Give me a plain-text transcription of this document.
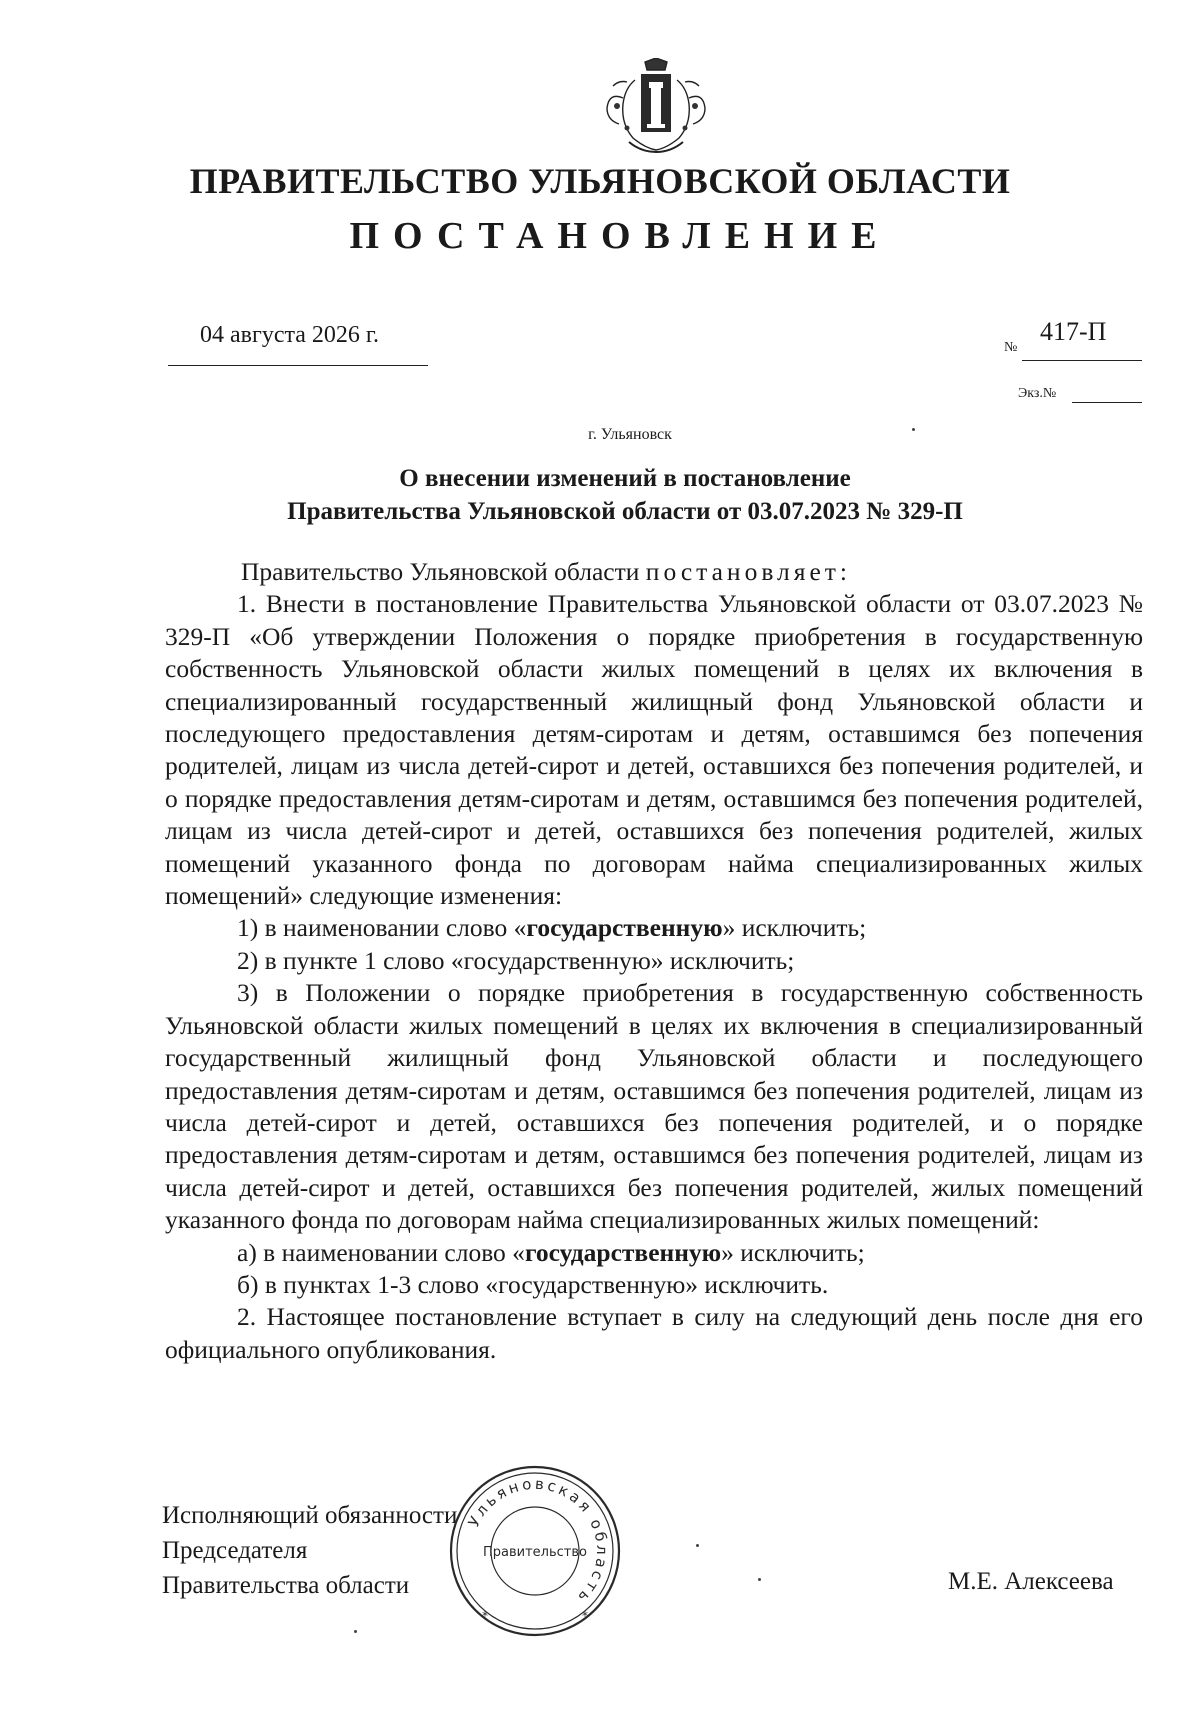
ПРАВИТЕЛЬСТВО УЛЬЯНОВСКОЙ ОБЛАСТИ
ПОСТАНОВЛЕНИЕ
04 августа 2026 г.	№
417-П
Экз.№
г. Ульяновск
О внесении изменений в постановление
Правительства Ульяновской области от 03.07.2023 № 329-П

Правительство Ульяновской области постановляет:

1. Внести в постановление Правительства Ульяновской области от 03.07.2023 № 329-П «Об утверждении Положения о порядке приобретения в государственную собственность Ульяновской области жилых помещений в целях их включения в специализированный государственный жилищный фонд Ульяновской области и последующего предоставления детям-сиротам и детям, оставшимся без попечения родителей, лицам из числа детей-сирот и детей, оставшихся без попечения родителей, и о порядке предоставления детям-сиротам и детям, оставшимся без попечения родителей, лицам из числа детей-сирот и детей, оставшихся без попечения родителей, жилых помещений указанного фонда по договорам найма специализированных жилых помещений» следующие изменения:

1) в наименовании слово «государственную» исключить;

2) в пункте 1 слово «государственную» исключить;

3) в Положении о порядке приобретения в государственную собственность Ульяновской области жилых помещений в целях их включения в специализированный государственный жилищный фонд Ульяновской области и последующего предоставления детям-сиротам и детям, оставшимся без попечения родителей, лицам из числа детей-сирот и детей, оставшихся без попечения родителей, и о порядке предоставления детям-сиротам и детям, оставшимся без попечения родителей, лицам из числа детей-сирот и детей, оставшихся без попечения родителей, жилых помещений указанного фонда по договорам найма специализированных жилых помещений:

а) в наименовании слово «государственную» исключить;

б) в пунктах 1-3 слово «государственную» исключить.

2. Настоящее постановление вступает в силу на следующий день после дня его официального опубликования.

Исполняющий обязанности
Председателя
Правительства области	М.Е. Алексеева
Ульяновская область
Правительство
*	*
